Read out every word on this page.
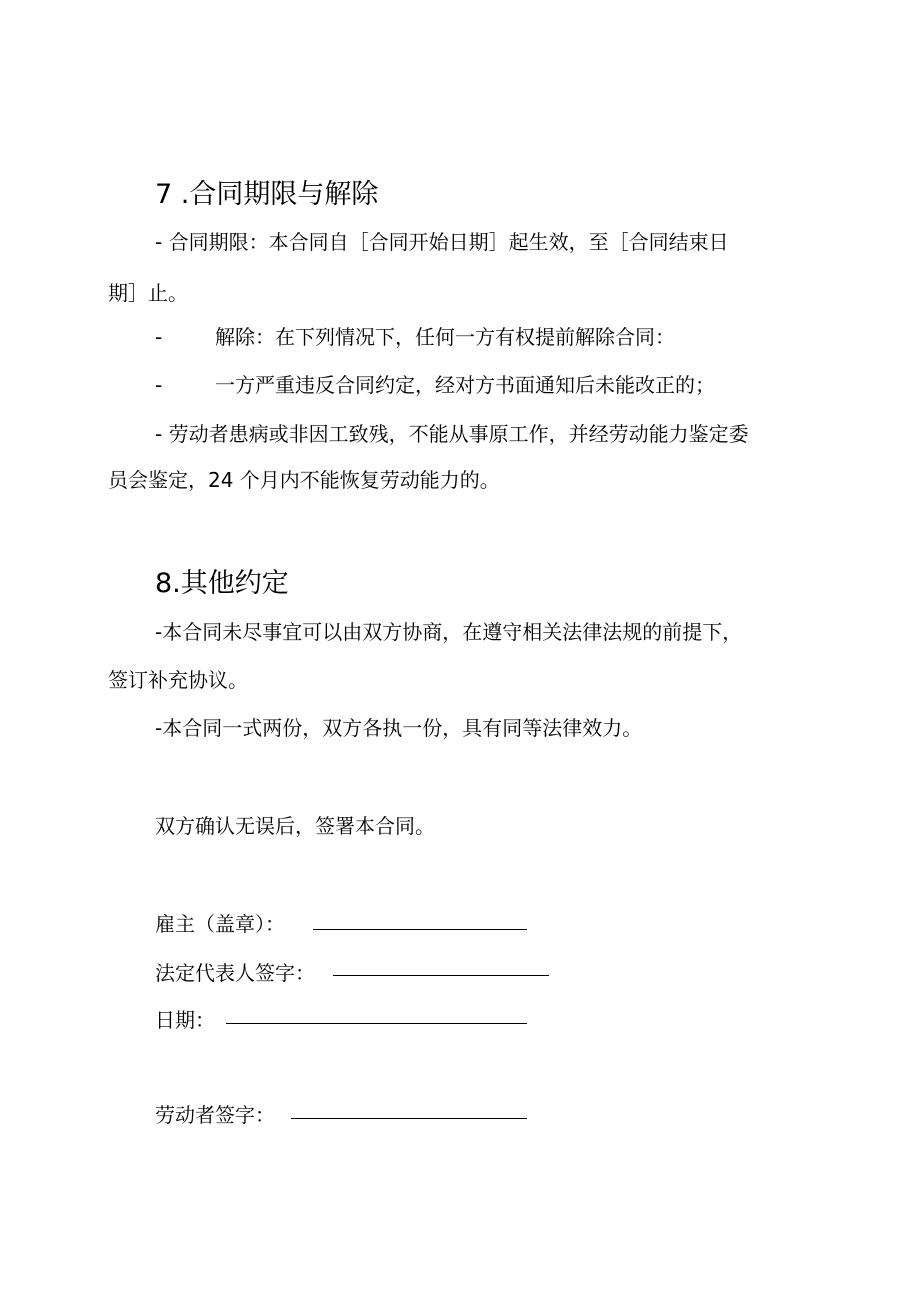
7 .合同期限与解除
- 合同期限：本合同自［合同开始日期］起生效，至［合同结束日
期］止。
-	解除：在下列情况下，任何一方有权提前解除合同：
-	一方严重违反合同约定，经对方书面通知后未能改正的；
- 劳动者患病或非因工致残，不能从事原工作，并经劳动能力鉴定委
员会鉴定，24 个月内不能恢复劳动能力的。
8.其他约定
-本合同未尽事宜可以由双方协商，在遵守相关法律法规的前提下，
签订补充协议。
-本合同一式两份，双方各执一份，具有同等法律效力。
双方确认无误后，签署本合同。
雇主（盖章）：
法定代表人签字：
日期：
劳动者签字：
